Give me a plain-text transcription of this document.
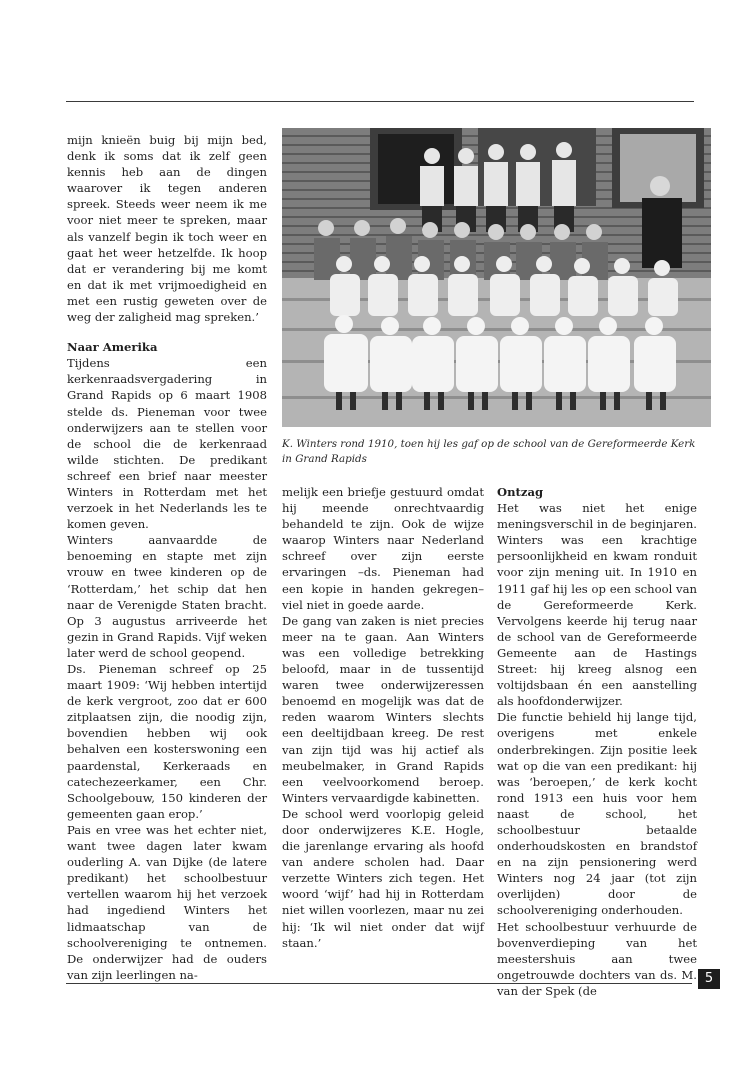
mijn knieën buig bij mijn bed, denk ik soms dat ik zelf geen kennis heb aan de dingen waarover ik tegen anderen spreek. Steeds weer neem ik me voor niet meer te spreken, maar als vanzelf begin ik toch weer en gaat het weer hetzelfde. Ik hoop dat er verandering bij me komt en dat ik met vrijmoedigheid en met een rustig geweten over de weg der zaligheid mag spreken.’

Naar Amerika

Tijdens een kerkenraadsvergadering in Grand Rapids op 6 maart 1908 stelde ds. Pieneman voor twee onderwijzers aan te stellen voor de school die de kerkenraad wilde stichten. De predikant schreef een brief naar meester Winters in Rotterdam met het verzoek in het Nederlands les te komen geven.

Winters aanvaardde de benoeming en stapte met zijn vrouw en twee kinderen op de ‘Rotterdam,’ het schip dat hen naar de Verenigde Staten bracht. Op 3 augustus arriveerde het gezin in Grand Rapids. Vijf weken later werd de school geopend.

Ds. Pieneman schreef op 25 maart 1909: ‘Wij hebben intertijd de kerk vergroot, zoo dat er 600 zitplaatsen zijn, die noodig zijn, bovendien hebben wij ook behalven een kosterswoning een paardenstal, Kerkeraads en catechezeerkamer, een Chr. Schoolgebouw, 150 kinderen der gemeenten gaan erop.’

Pais en vree was het echter niet, want twee dagen later kwam ouderling A. van Dijke (de latere predikant) het schoolbestuur vertellen waarom hij het verzoek had ingediend Winters het lidmaatschap van de schoolvereniging te ontnemen. De onderwijzer had de ouders van zijn leerlingen na-

K. Winters rond 1910, toen hij les gaf op de school van de Gereformeerde Kerk in Grand Rapids

melijk een briefje gestuurd omdat hij meende onrechtvaardig behandeld te zijn. Ook de wijze waarop Winters naar Nederland schreef over zijn eerste ervaringen –ds. Pieneman had een kopie in handen gekregen– viel niet in goede aarde.

De gang van zaken is niet precies meer na te gaan. Aan Winters was een volledige betrekking beloofd, maar in de tussentijd waren twee onderwijzeressen benoemd en mogelijk was dat de reden waarom Winters slechts een deeltijdbaan kreeg. De rest van zijn tijd was hij actief als meubelmaker, in Grand Rapids een veelvoorkomend beroep. Winters vervaardigde kabinetten.

De school werd voorlopig geleid door onderwijzeres K.E. Hogle, die jarenlange ervaring als hoofd van andere scholen had. Daar verzette Winters zich tegen. Het woord ‘wijf’ had hij in Rotterdam niet willen voorlezen, maar nu zei hij: ‘Ik wil niet onder dat wijf staan.’

Ontzag

Het was niet het enige meningsverschil in de beginjaren. Winters was een krachtige persoonlijkheid en kwam ronduit voor zijn mening uit. In 1910 en 1911 gaf hij les op een school van de Gereformeerde Kerk. Vervolgens keerde hij terug naar de school van de Gereformeerde Gemeente aan de Hastings Street: hij kreeg alsnog een voltijdsbaan én een aanstelling als hoofdonderwijzer.

Die functie behield hij lange tijd, overigens met enkele onderbrekingen. Zijn positie leek wat op die van een predikant: hij was ‘beroepen,’ de kerk kocht rond 1913 een huis voor hem naast de school, het schoolbestuur betaalde onderhoudskosten en brandstof en na zijn pensionering werd Winters nog 24 jaar (tot zijn overlijden) door de schoolvereniging onderhouden.

Het schoolbestuur verhuurde de bovenverdieping van het meestershuis aan twee ongetrouwde dochters van ds. M. van der Spek (de

5
